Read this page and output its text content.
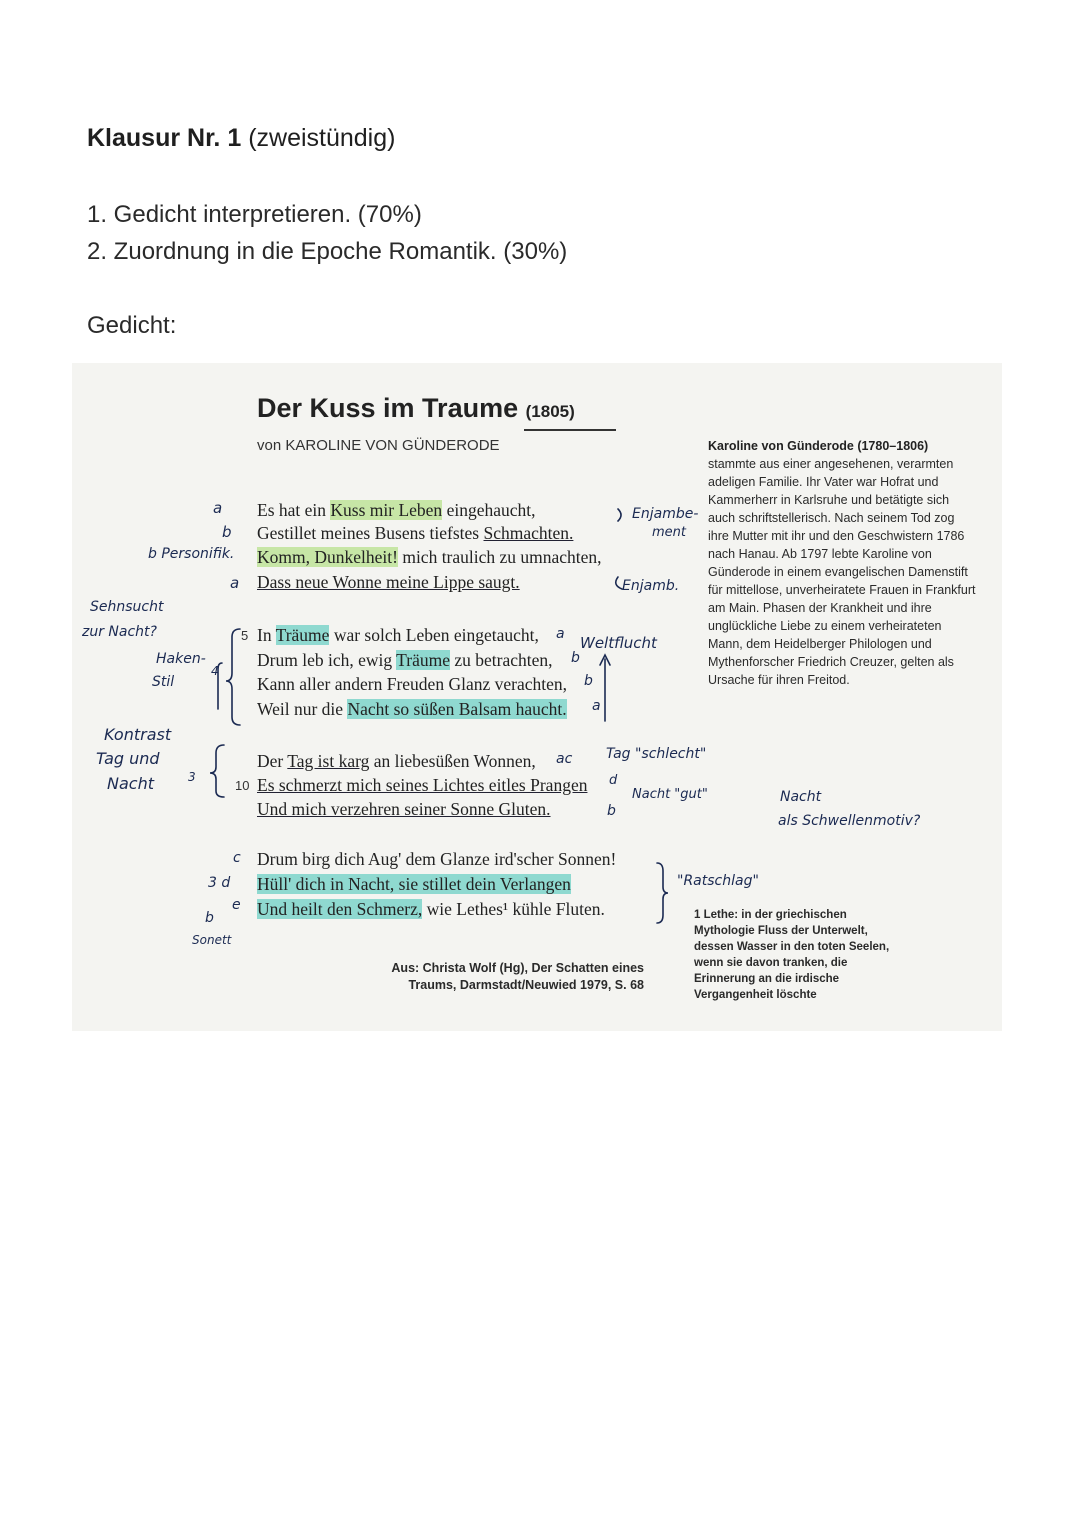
Klausur Nr. 1 (zweistündig)
1. Gedicht interpretieren. (70%)
2. Zuordnung in die Epoche Romantik. (30%)
Gedicht:
Der Kuss im Traume (1805)
von KAROLINE VON GÜNDERODE
Es hat ein Kuss mir Leben eingehaucht,
Gestillet meines Busens tiefstes Schmachten.
Komm, Dunkelheit! mich traulich zu umnachten,
Dass neue Wonne meine Lippe saugt.
5 In Träume war solch Leben eingetaucht,
Drum leb ich, ewig Träume zu betrachten,
Kann aller andern Freuden Glanz verachten,
Weil nur die Nacht so süßen Balsam haucht.
Der Tag ist karg an liebesüßen Wonnen,
10 Es schmerzt mich seines Lichtes eitles Prangen
Und mich verzehren seiner Sonne Gluten.
Drum birg dich Aug' dem Glanze ird'scher Sonnen!
Hüll' dich in Nacht, sie stillet dein Verlangen
Und heilt den Schmerz, wie Lethes¹ kühle Fluten.
Karoline von Günderode (1780–1806)
stammte aus einer angesehenen, verarmten adeligen Familie. Ihr Vater war Hofrat und Kammerherr in Karlsruhe und betätigte sich auch schriftstellerisch. Nach seinem Tod zog ihre Mutter mit ihr und den Geschwistern 1786 nach Hanau. Ab 1797 lebte Karoline von Günderode in einem evangelischen Damenstift für mittellose, unverheiratete Frauen in Frankfurt am Main. Phasen der Krankheit und ihre unglückliche Liebe zu einem verheirateten Mann, dem Heidelberger Philologen und Mythenforscher Friedrich Creuzer, gelten als Ursache für ihren Freitod.
Aus: Christa Wolf (Hg), Der Schatten eines Traums, Darmstadt/Neuwied 1979, S. 68
1 Lethe: in der griechischen Mythologie Fluss der Unterwelt, dessen Wasser in den toten Seelen, wenn sie davon tranken, die Erinnerung an die irdische Vergangenheit löschte
a
b
b Personifik.
a
Enjambe-
ment
Enjamb.
Sehnsucht
zur Nacht?
Haken-
Stil
4
Weltflucht
a
b
b
a
Kontrast
Tag und
Nacht	3
ac Tag "schlecht"
d
Nacht "gut"
b
Nacht
als Schwellenmotiv?
c
3 d
e
b
Sonett
"Ratschlag"
